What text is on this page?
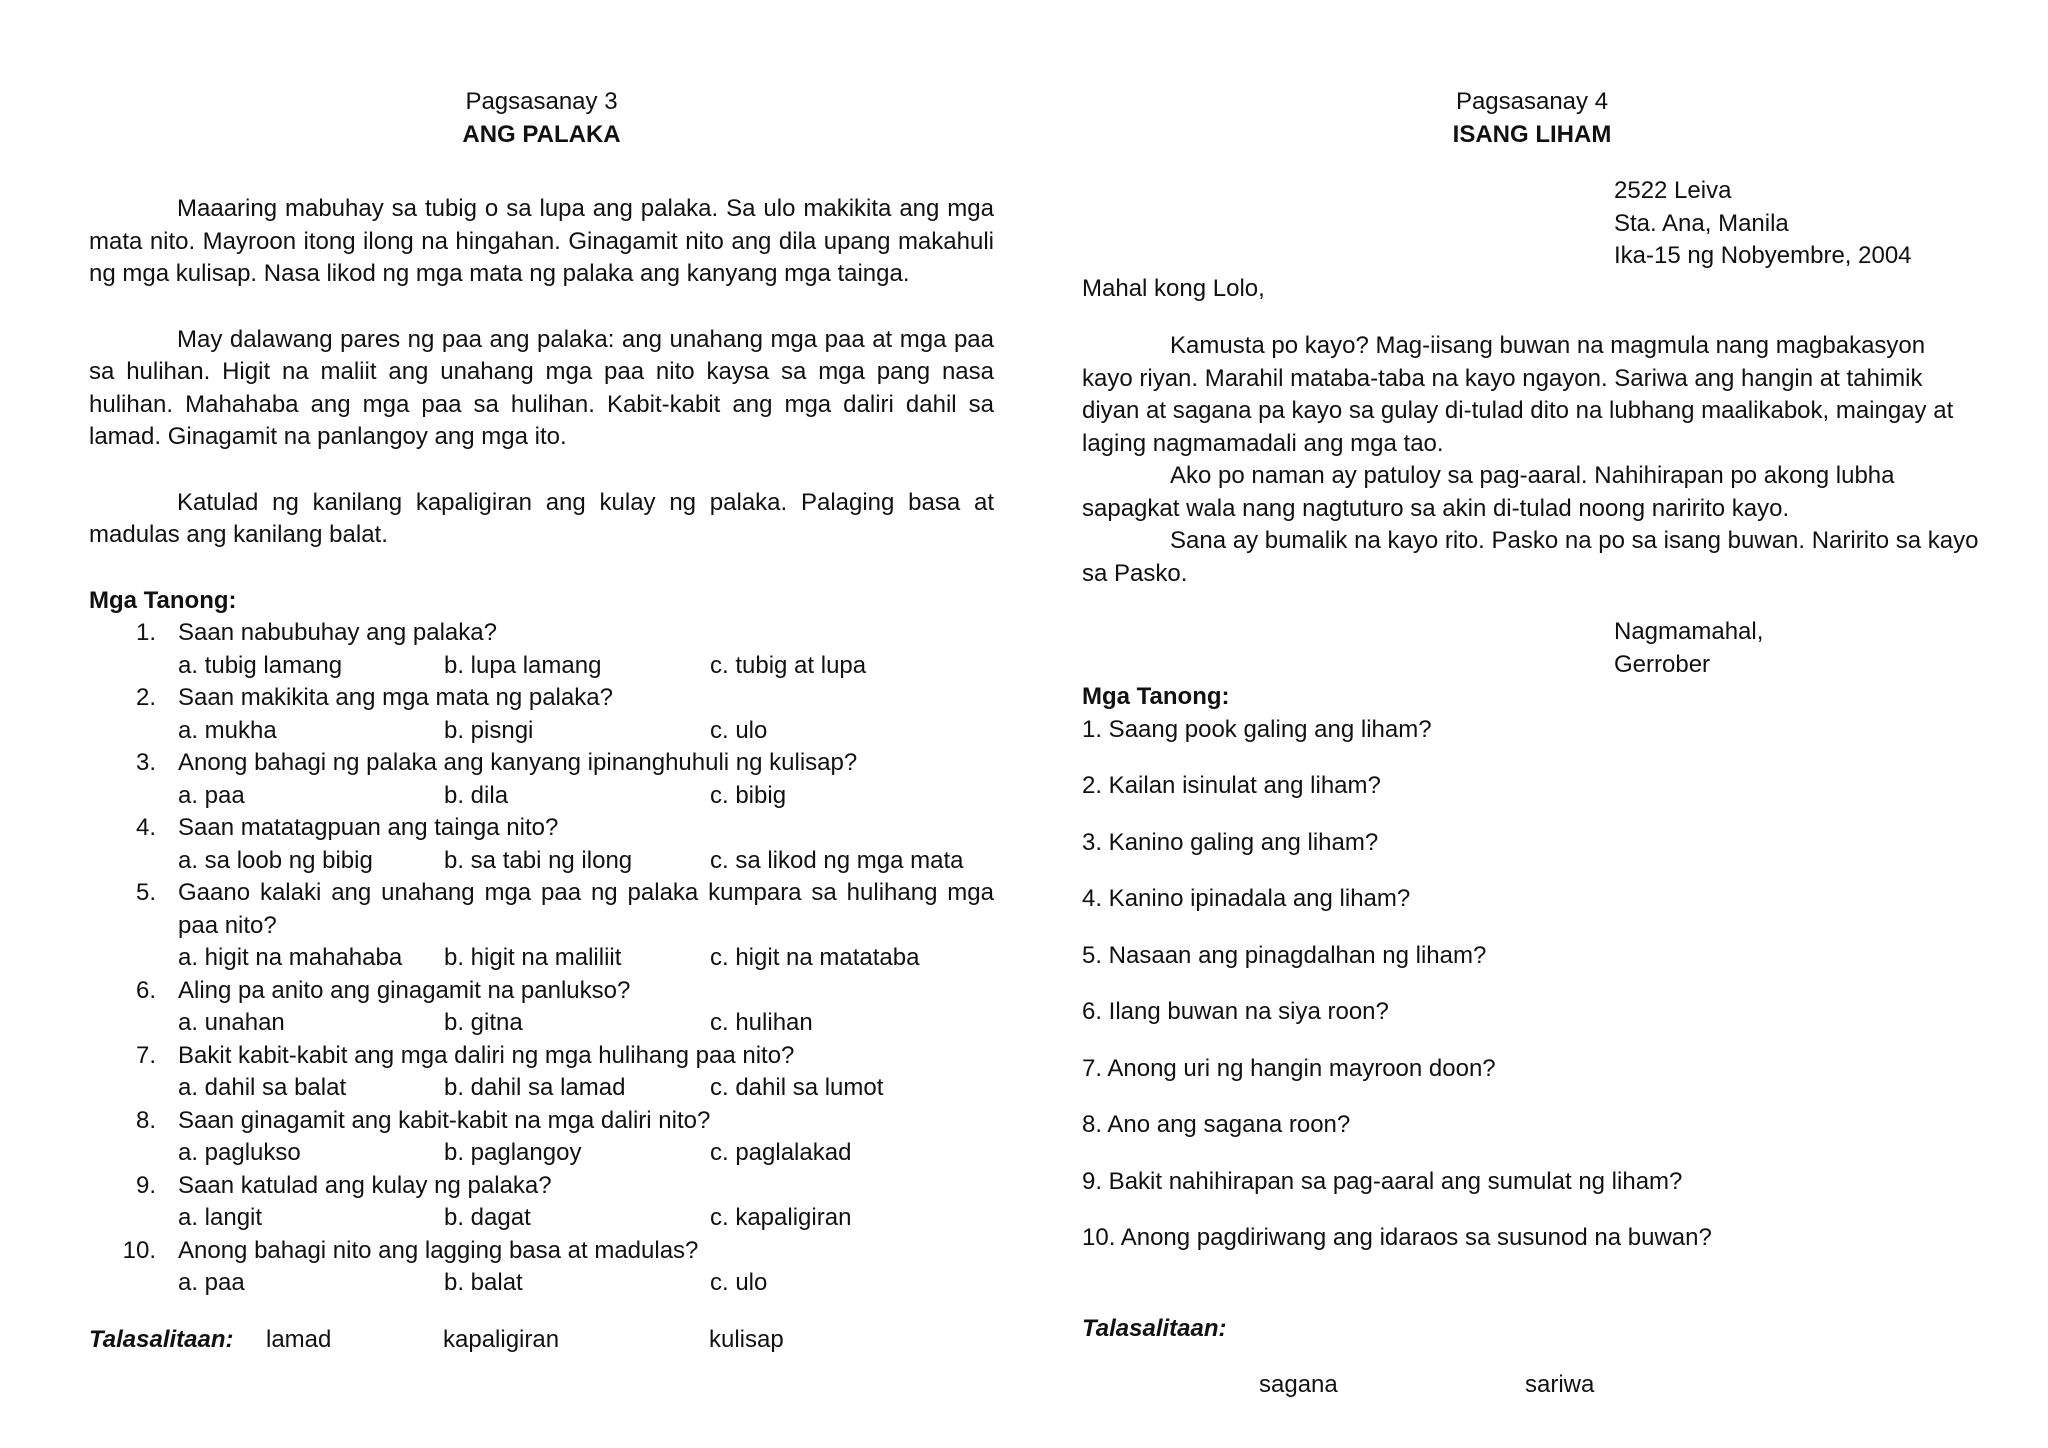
Pagsasanay 3

ANG PALAKA

Maaaring mabuhay sa tubig o sa lupa ang palaka. Sa ulo makikita ang mga mata nito. Mayroon itong ilong na hingahan. Ginagamit nito ang dila upang makahuli ng mga kulisap. Nasa likod ng mga mata ng palaka ang kanyang mga tainga.

May dalawang pares ng paa ang palaka: ang unahang mga paa at mga paa sa hulihan. Higit na maliit ang unahang mga paa nito kaysa sa mga pang nasa hulihan. Mahahaba ang mga paa sa hulihan. Kabit-kabit ang mga daliri dahil sa lamad. Ginagamit na panlangoy ang mga ito.

Katulad ng kanilang kapaligiran ang kulay ng palaka. Palaging basa at madulas ang kanilang balat.

Mga Tanong:

1. Saan nabubuhay ang palaka?
a. tubig lamang	b. lupa lamang	c. tubig at lupa
2. Saan makikita ang mga mata ng palaka?
a. mukha	b. pisngi	c. ulo
3. Anong bahagi ng palaka ang kanyang ipinanghuhuli ng kulisap?
a. paa	b. dila	c. bibig
4. Saan matatagpuan ang tainga nito?
a. sa loob ng bibig	b. sa tabi ng ilong	c. sa likod ng mga mata
5. Gaano kalaki ang unahang mga paa ng palaka kumpara sa hulihang mga paa nito?
a. higit na mahahaba	b. higit na maliliit	c. higit na matataba
6. Aling pa anito ang ginagamit na panlukso?
a. unahan	b. gitna	c. hulihan
7. Bakit kabit-kabit ang mga daliri ng mga hulihang paa nito?
a. dahil sa balat	b. dahil sa lamad	c. dahil sa lumot
8. Saan ginagamit ang kabit-kabit na mga daliri nito?
a. paglukso	b. paglangoy	c. paglalakad
9. Saan katulad ang kulay ng palaka?
a. langit	b. dagat	c. kapaligiran
10. Anong bahagi nito ang lagging basa at madulas?
a. paa	b. balat	c. ulo
Talasalitaan:	lamad	kapaligiran	kulisap

Pagsasanay 4

ISANG LIHAM

2522 Leiva
Sta. Ana, Manila
Ika-15 ng Nobyembre, 2004

Mahal kong Lolo,

Kamusta po kayo? Mag-iisang buwan na magmula nang magbakasyon kayo riyan. Marahil mataba-taba na kayo ngayon. Sariwa ang hangin at tahimik diyan at sagana pa kayo sa gulay di-tulad dito na lubhang maalikabok, maingay at laging nagmamadali ang mga tao.

Ako po naman ay patuloy sa pag-aaral. Nahihirapan po akong lubha sapagkat wala nang nagtuturo sa akin di-tulad noong naririto kayo.

Sana ay bumalik na kayo rito. Pasko na po sa isang buwan. Naririto sa kayo sa Pasko.

Nagmamahal,
Gerrober

Mga Tanong:

1. Saang pook galing ang liham?

2. Kailan isinulat ang liham?

3. Kanino galing ang liham?

4. Kanino ipinadala ang liham?

5. Nasaan ang pinagdalhan ng liham?

6. Ilang buwan na siya roon?

7. Anong uri ng hangin mayroon doon?

8. Ano ang sagana roon?

9. Bakit nahihirapan sa pag-aaral ang sumulat ng liham?

10. Anong pagdiriwang ang idaraos sa susunod na buwan?

Talasalitaan:

sagana	sariwa
